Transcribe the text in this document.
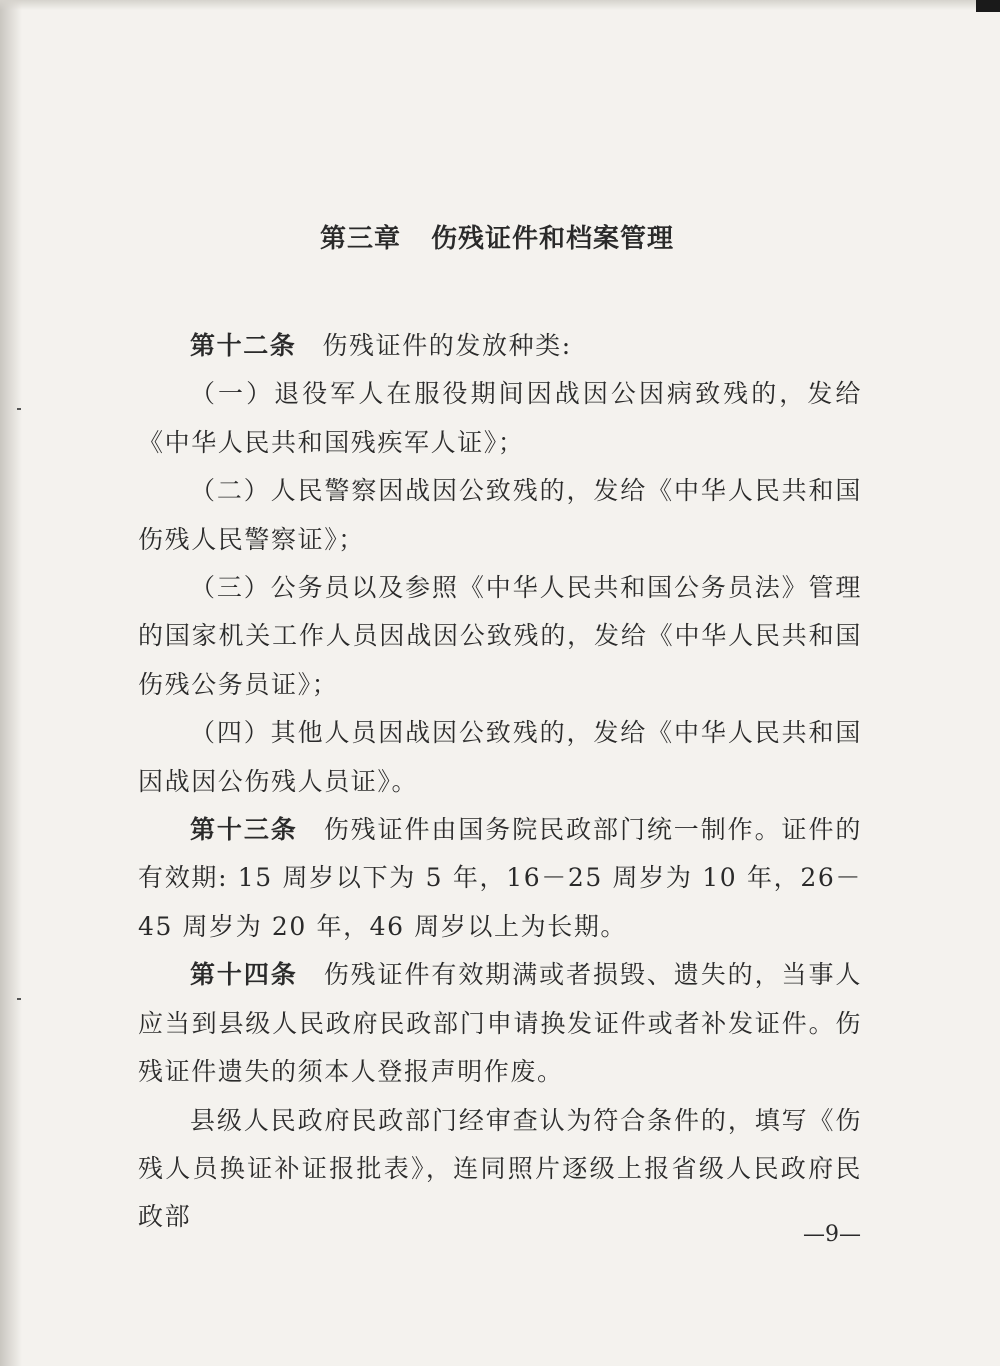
第三章 伤残证件和档案管理

第十二条 伤残证件的发放种类:

（一）退役军人在服役期间因战因公因病致残的，发给《中华人民共和国残疾军人证》；

（二）人民警察因战因公致残的，发给《中华人民共和国伤残人民警察证》；

（三）公务员以及参照《中华人民共和国公务员法》管理的国家机关工作人员因战因公致残的，发给《中华人民共和国伤残公务员证》；

（四）其他人员因战因公致残的，发给《中华人民共和国因战因公伤残人员证》。

第十三条 伤残证件由国务院民政部门统一制作。证件的有效期: 15 周岁以下为 5 年，16－25 周岁为 10 年，26－45 周岁为 20 年，46 周岁以上为长期。

第十四条 伤残证件有效期满或者损毁、遗失的，当事人应当到县级人民政府民政部门申请换发证件或者补发证件。伤残证件遗失的须本人登报声明作废。

县级人民政府民政部门经审查认为符合条件的，填写《伤残人员换证补证报批表》，连同照片逐级上报省级人民政府民政部

—9—
